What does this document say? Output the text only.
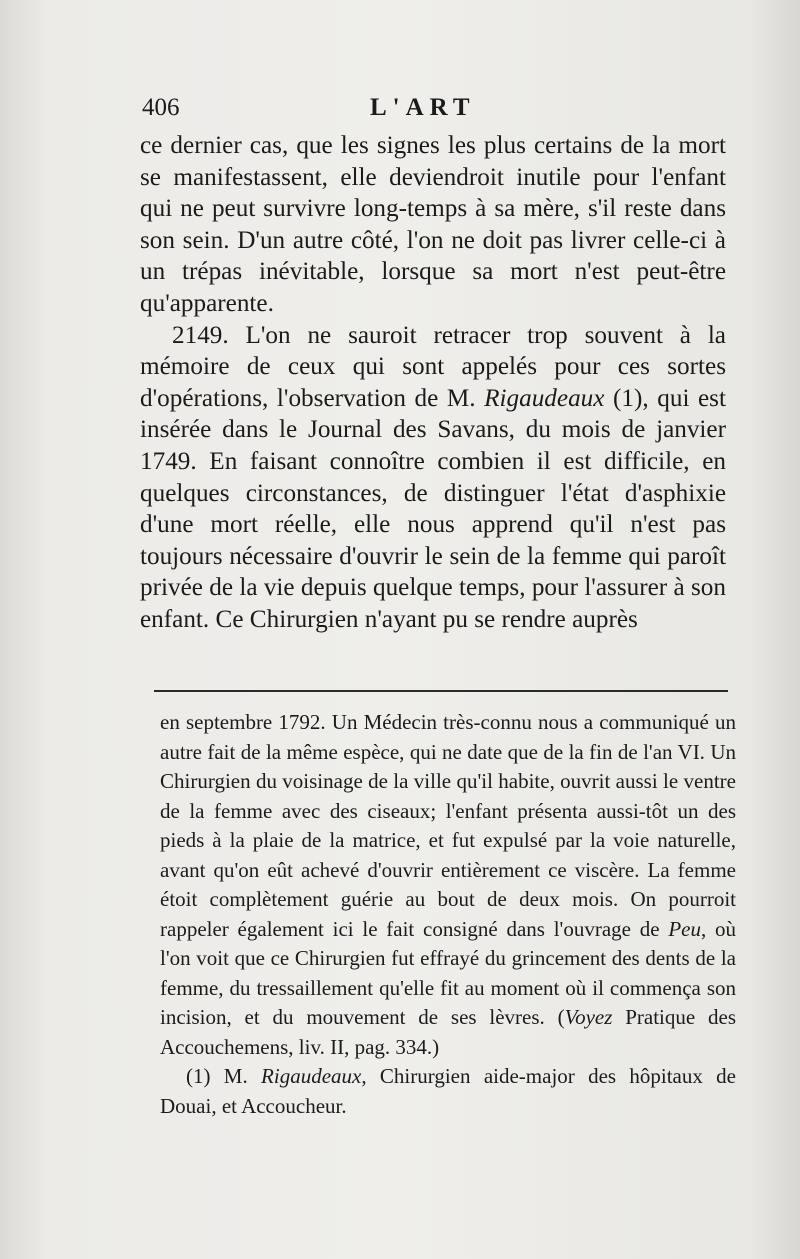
406	L'ART

ce dernier cas, que les signes les plus certains de la mort se manifestassent, elle deviendroit inutile pour l'enfant qui ne peut survivre long-temps à sa mère, s'il reste dans son sein. D'un autre côté, l'on ne doit pas livrer celle-ci à un trépas inévitable, lorsque sa mort n'est peut-être qu'apparente.

2149. L'on ne sauroit retracer trop souvent à la mémoire de ceux qui sont appelés pour ces sortes d'opérations, l'observation de M. Rigaudeaux (1), qui est insérée dans le Journal des Savans, du mois de janvier 1749. En faisant connoître combien il est difficile, en quelques circonstances, de distinguer l'état d'asphixie d'une mort réelle, elle nous apprend qu'il n'est pas toujours nécessaire d'ouvrir le sein de la femme qui paroît privée de la vie depuis quelque temps, pour l'assurer à son enfant. Ce Chirurgien n'ayant pu se rendre auprès

en septembre 1792. Un Médecin très-connu nous a communiqué un autre fait de la même espèce, qui ne date que de la fin de l'an VI. Un Chirurgien du voisinage de la ville qu'il habite, ouvrit aussi le ventre de la femme avec des ciseaux; l'enfant présenta aussi-tôt un des pieds à la plaie de la matrice, et fut expulsé par la voie naturelle, avant qu'on eût achevé d'ouvrir entièrement ce viscère. La femme étoit complètement guérie au bout de deux mois. On pourroit rappeler également ici le fait consigné dans l'ouvrage de Peu, où l'on voit que ce Chirurgien fut effrayé du grincement des dents de la femme, du tressaillement qu'elle fit au moment où il commença son incision, et du mouvement de ses lèvres. (Voyez Pratique des Accouchemens, liv. II, pag. 334.)

(1) M. Rigaudeaux, Chirurgien aide-major des hôpitaux de Douai, et Accoucheur.
